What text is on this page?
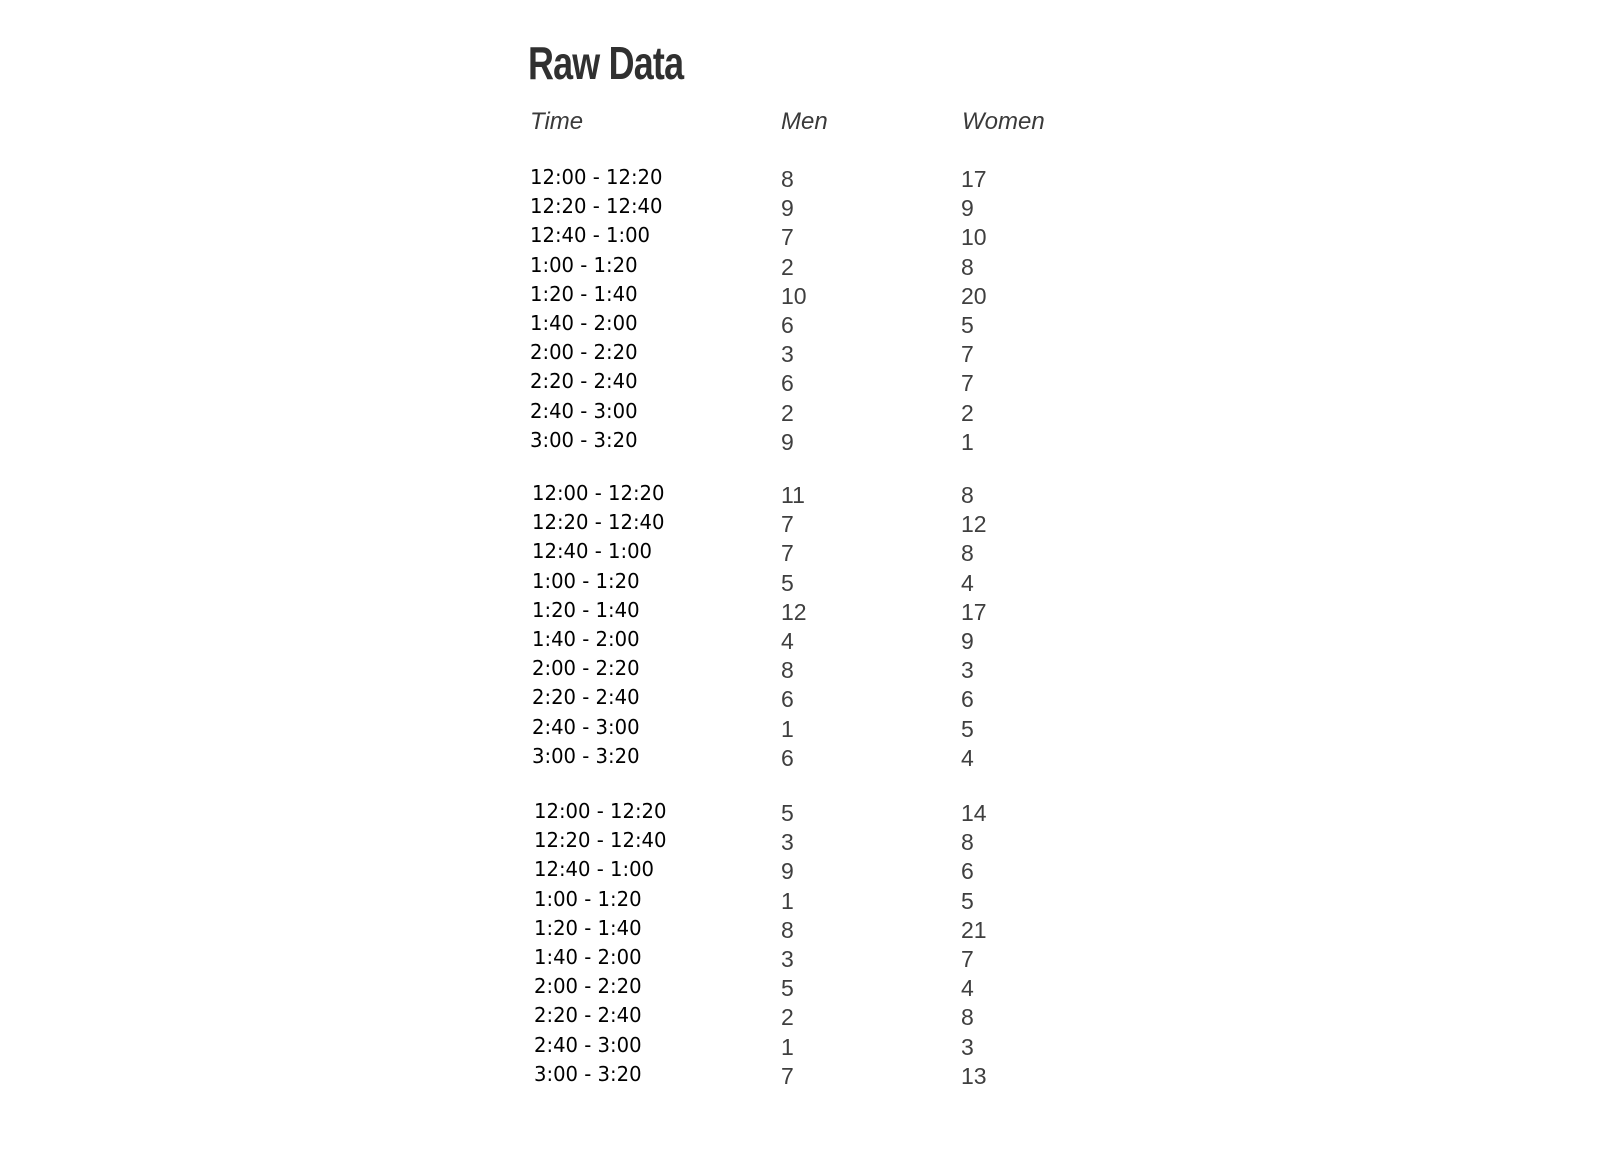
Raw Data
Time	Men	Women
12:00 - 12:20	8	17
12:20 - 12:40	9	9
12:40 - 1:00	7	10
1:00 - 1:20	2	8
1:20 - 1:40	10	20
1:40 - 2:00	6	5
2:00 - 2:20	3	7
2:20 - 2:40	6	7
2:40 - 3:00	2	2
3:00 - 3:20	9	1
12:00 - 12:20	11	8
12:20 - 12:40	7	12
12:40 - 1:00	7	8
1:00 - 1:20	5	4
1:20 - 1:40	12	17
1:40 - 2:00	4	9
2:00 - 2:20	8	3
2:20 - 2:40	6	6
2:40 - 3:00	1	5
3:00 - 3:20	6	4
12:00 - 12:20	5	14
12:20 - 12:40	3	8
12:40 - 1:00	9	6
1:00 - 1:20	1	5
1:20 - 1:40	8	21
1:40 - 2:00	3	7
2:00 - 2:20	5	4
2:20 - 2:40	2	8
2:40 - 3:00	1	3
3:00 - 3:20	7	13
